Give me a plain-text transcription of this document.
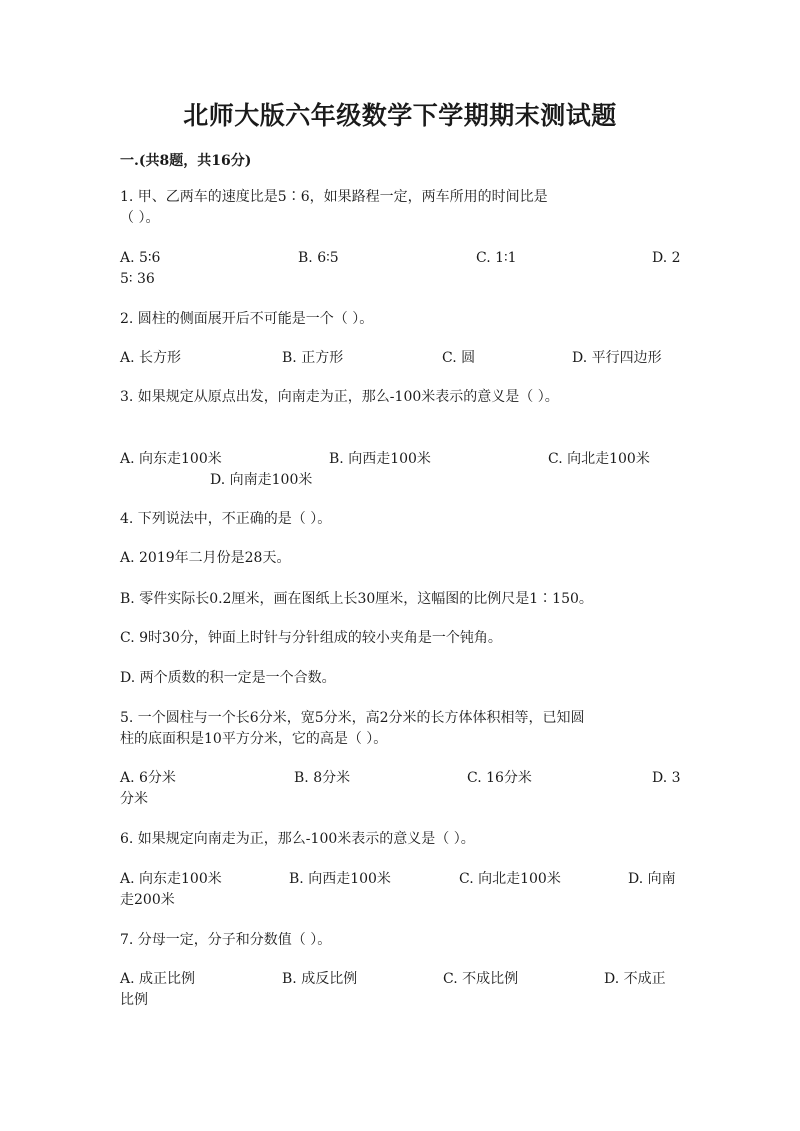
北师大版六年级数学下学期期末测试题
一.(共8题，共16分)
1. 甲、乙两车的速度比是5∶6，如果路程一定，两车所用的时间比是
（ ）。
A. 5∶6	B. 6∶5	C. 1∶1	D. 2
5∶ 36
2. 圆柱的侧面展开后不可能是一个（ ）。
A. 长方形	B. 正方形	C. 圆	D. 平行四边形
3. 如果规定从原点出发，向南走为正，那么-100米表示的意义是（ ）。
A. 向东走100米	B. 向西走100米	C. 向北走100米
D. 向南走100米
4. 下列说法中，不正确的是（ ）。
A. 2019年二月份是28天。
B. 零件实际长0.2厘米，画在图纸上长30厘米，这幅图的比例尺是1∶150。
C. 9时30分，钟面上时针与分针组成的较小夹角是一个钝角。
D. 两个质数的积一定是一个合数。
5. 一个圆柱与一个长6分米，宽5分米，高2分米的长方体体积相等，已知圆
柱的底面积是10平方分米，它的高是（ ）。
A. 6分米	B. 8分米	C. 16分米	D. 3
分米
6. 如果规定向南走为正，那么-100米表示的意义是（ ）。
A. 向东走100米	B. 向西走100米	C. 向北走100米	D. 向南
走200米
7. 分母一定，分子和分数值（ ）。
A. 成正比例	B. 成反比例	C. 不成比例	D. 不成正
比例
